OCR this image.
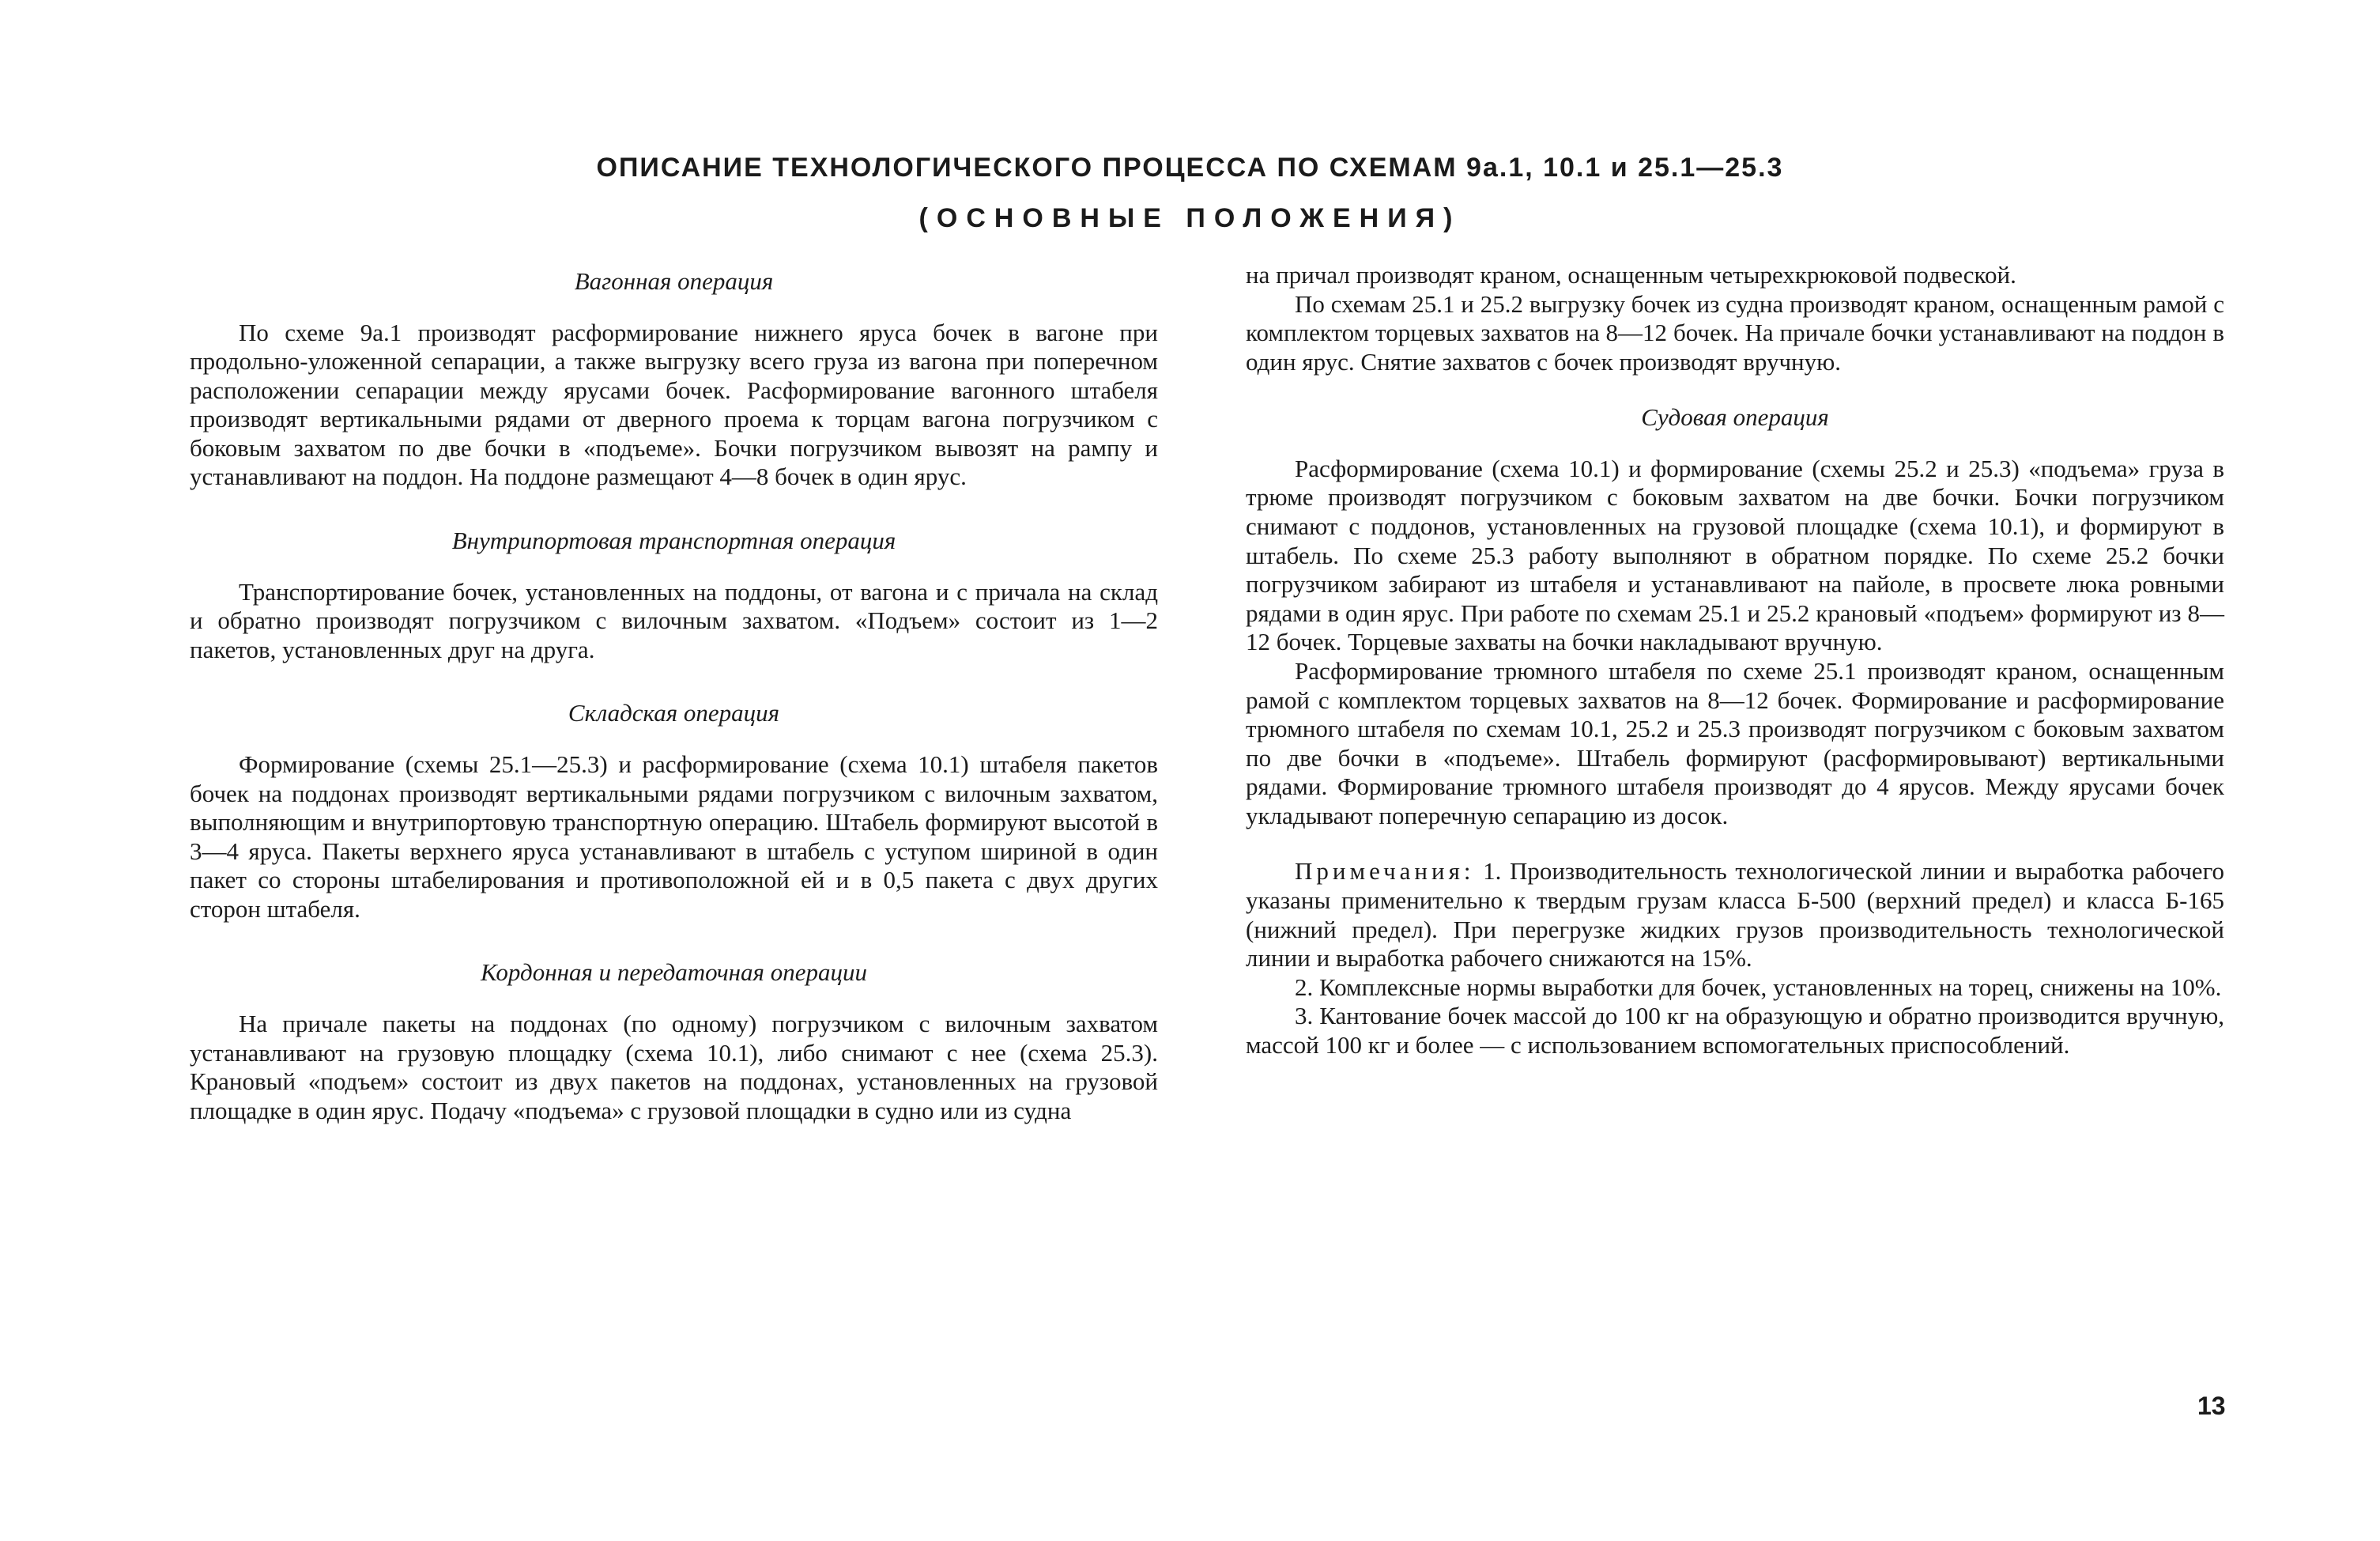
ОПИСАНИЕ ТЕХНОЛОГИЧЕСКОГО ПРОЦЕССА ПО СХЕМАМ 9а.1, 10.1 и 25.1—25.3
(ОСНОВНЫЕ ПОЛОЖЕНИЯ)
Вагонная операция

По схеме 9а.1 производят расформирование нижнего яруса бочек в вагоне при продольно-уложенной сепарации, а также выгрузку всего груза из вагона при поперечном расположении сепарации между ярусами бочек. Расформирование вагонного штабеля производят вертикальными рядами от дверного проема к торцам вагона погрузчиком с боковым захватом по две бочки в «подъеме». Бочки погрузчиком вывозят на рампу и устанавливают на поддон. На поддоне размещают 4—8 бочек в один ярус.

Внутрипортовая транспортная операция

Транспортирование бочек, установленных на поддоны, от вагона и с причала на склад и обратно производят погрузчиком с вилочным захватом. «Подъем» состоит из 1—2 пакетов, установленных друг на друга.

Складская операция

Формирование (схемы 25.1—25.3) и расформирование (схема 10.1) штабеля пакетов бочек на поддонах производят вертикальными рядами погрузчиком с вилочным захватом, выполняющим и внутрипортовую транспортную операцию. Штабель формируют высотой в 3—4 яруса. Пакеты верхнего яруса устанавливают в штабель с уступом шириной в один пакет со стороны штабелирования и противоположной ей и в 0,5 пакета с двух других сторон штабеля.

Кордонная и передаточная операции

На причале пакеты на поддонах (по одному) погрузчиком с вилочным захватом устанавливают на грузовую площадку (схема 10.1), либо снимают с нее (схема 25.3). Крановый «подъем» состоит из двух пакетов на поддонах, установленных на грузовой площадке в один ярус. Подачу «подъема» с грузовой площадки в судно или из судна

на причал производят краном, оснащенным четырехкрюковой подвеской.

По схемам 25.1 и 25.2 выгрузку бочек из судна производят краном, оснащенным рамой с комплектом торцевых захватов на 8—12 бочек. На причале бочки устанавливают на поддон в один ярус. Снятие захватов с бочек производят вручную.

Судовая операция

Расформирование (схема 10.1) и формирование (схемы 25.2 и 25.3) «подъема» груза в трюме производят погрузчиком с боковым захватом на две бочки. Бочки погрузчиком снимают с поддонов, установленных на грузовой площадке (схема 10.1), и формируют в штабель. По схеме 25.3 работу выполняют в обратном порядке. По схеме 25.2 бочки погрузчиком забирают из штабеля и устанавливают на пайоле, в просвете люка ровными рядами в один ярус. При работе по схемам 25.1 и 25.2 крановый «подъем» формируют из 8—12 бочек. Торцевые захваты на бочки накладывают вручную.

Расформирование трюмного штабеля по схеме 25.1 производят краном, оснащенным рамой с комплектом торцевых захватов на 8—12 бочек. Формирование и расформирование трюмного штабеля по схемам 10.1, 25.2 и 25.3 производят погрузчиком с боковым захватом по две бочки в «подъеме». Штабель формируют (расформировывают) вертикальными рядами. Формирование трюмного штабеля производят до 4 ярусов. Между ярусами бочек укладывают поперечную сепарацию из досок.

Примечания: 1. Производительность технологической линии и выработка рабочего указаны применительно к твердым грузам класса Б-500 (верхний предел) и класса Б-165 (нижний предел). При перегрузке жидких грузов производительность технологической линии и выработка рабочего снижаются на 15%.

2. Комплексные нормы выработки для бочек, установленных на торец, снижены на 10%.

3. Кантование бочек массой до 100 кг на образующую и обратно производится вручную, массой 100 кг и более — с использованием вспомогательных приспособлений.

13
